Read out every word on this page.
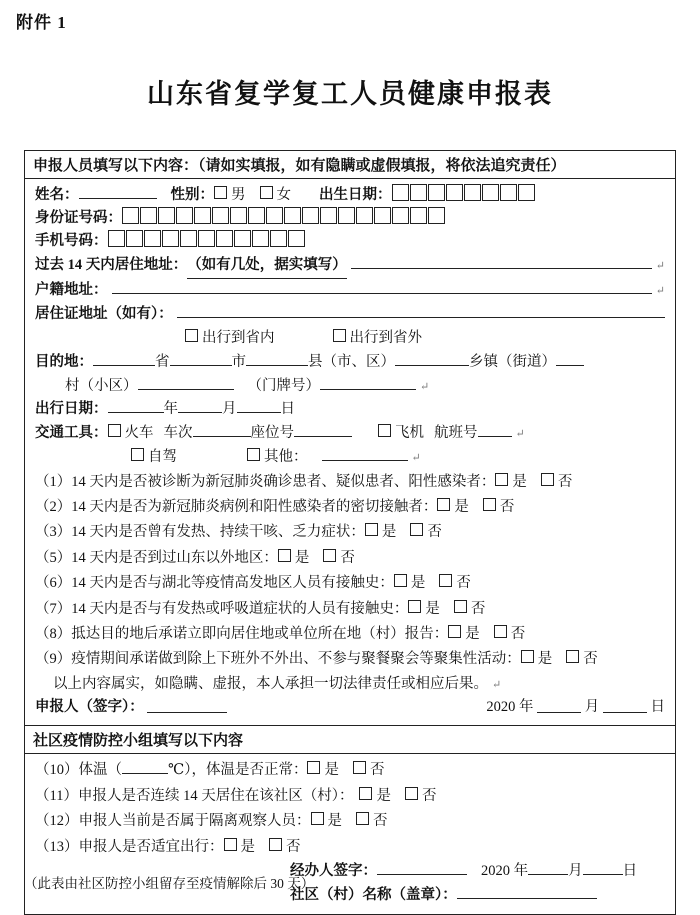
附件 1
山东省复学复工人员健康申报表
申报人员填写以下内容：（请如实填报，如有隐瞒或虚假填报，将依法追究责任）
姓名：	性别：	男	女 出生日期：
身份证号码：
手机号码：
过去 14 天内居住地址： （如有几处，据实填写）	↵
户籍地址：	↵
居住证地址（如有）：
出行到省内	出行到省外
目的地：	省	市	县（市、区）	乡镇（街道）
村（小区）	（门牌号）	↵
出行日期：	年	月	日
交通工具：	火车 车次	座位号	飞机 航班号	↵
自驾	其他：	↵
（1）14 天内是否被诊断为新冠肺炎确诊患者、疑似患者、阳性感染者：	是	否
（2）14 天内是否为新冠肺炎病例和阳性感染者的密切接触者：	是	否
（3）14 天内是否曾有发热、持续干咳、乏力症状：	是	否
（5）14 天内是否到过山东以外地区：	是	否
（6）14 天内是否与湖北等疫情高发地区人员有接触史：	是	否
（7）14 天内是否与有发热或呼吸道症状的人员有接触史：	是	否
（8）抵达目的地后承诺立即向居住地或单位所在地（村）报告：	是	否
（9）疫情期间承诺做到除上下班外不外出、不参与聚餐聚会等聚集性活动：	是	否
以上内容属实，如隐瞒、虚报，本人承担一切法律责任或相应后果。 ↵
申报人（签字）：	2020 年	月	日
社区疫情防控小组填写以下内容
（10）体温（	℃），体温是否正常：	是	否
（11）申报人是否连续 14 天居住在该社区（村）：	是	否
（12）申报人当前是否属于隔离观察人员：	是	否
（13）申报人是否适宜出行：	是	否
经办人签字：	2020 年	月	日
社区（村）名称（盖章）：
（此表由社区防控小组留存至疫情解除后 30 天）
